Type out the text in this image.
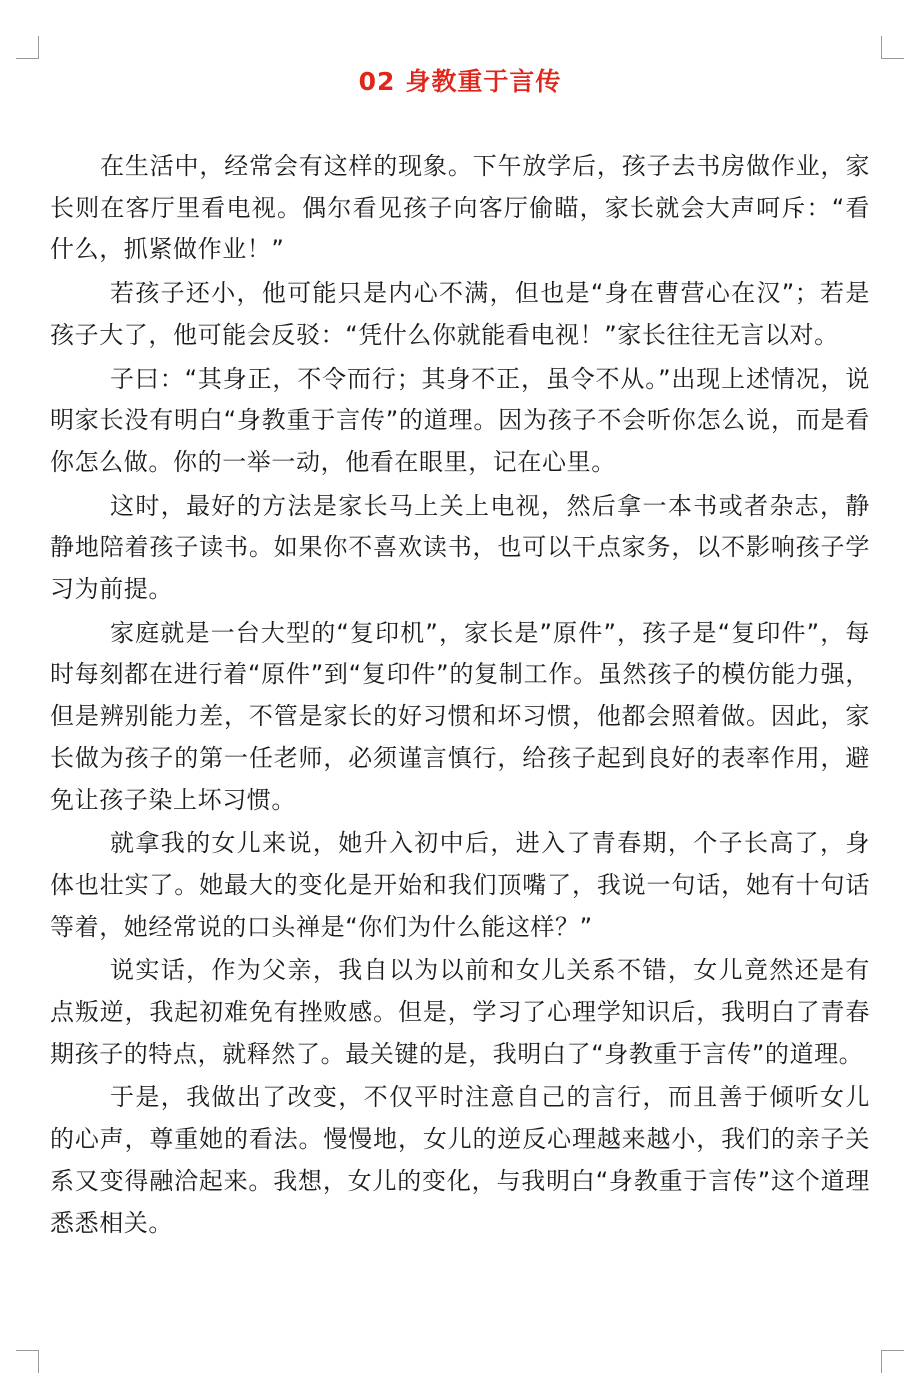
02 身教重于言传

在生活中，经常会有这样的现象。下午放学后，孩子去书房做作业，家长则在客厅里看电视。偶尔看见孩子向客厅偷瞄，家长就会大声呵斥：“看什么，抓紧做作业！”

若孩子还小，他可能只是内心不满，但也是“身在曹营心在汉”；若是孩子大了，他可能会反驳：“凭什么你就能看电视！”家长往往无言以对。

子曰：“其身正，不令而行；其身不正，虽令不从。”出现上述情况，说明家长没有明白“身教重于言传”的道理。因为孩子不会听你怎么说，而是看你怎么做。你的一举一动，他看在眼里，记在心里。

这时，最好的方法是家长马上关上电视，然后拿一本书或者杂志，静静地陪着孩子读书。如果你不喜欢读书，也可以干点家务，以不影响孩子学习为前提。

家庭就是一台大型的“复印机”，家长是”原件”，孩子是“复印件”，每时每刻都在进行着“原件”到“复印件”的复制工作。虽然孩子的模仿能力强，但是辨别能力差，不管是家长的好习惯和坏习惯，他都会照着做。因此，家长做为孩子的第一任老师，必须谨言慎行，给孩子起到良好的表率作用，避免让孩子染上坏习惯。

就拿我的女儿来说，她升入初中后，进入了青春期，个子长高了，身体也壮实了。她最大的变化是开始和我们顶嘴了，我说一句话，她有十句话等着，她经常说的口头禅是“你们为什么能这样？”

说实话，作为父亲，我自以为以前和女儿关系不错，女儿竟然还是有点叛逆，我起初难免有挫败感。但是，学习了心理学知识后，我明白了青春期孩子的特点，就释然了。最关键的是，我明白了“身教重于言传”的道理。

于是，我做出了改变，不仅平时注意自己的言行，而且善于倾听女儿的心声，尊重她的看法。慢慢地，女儿的逆反心理越来越小，我们的亲子关系又变得融洽起来。我想，女儿的变化，与我明白“身教重于言传”这个道理悉悉相关。
